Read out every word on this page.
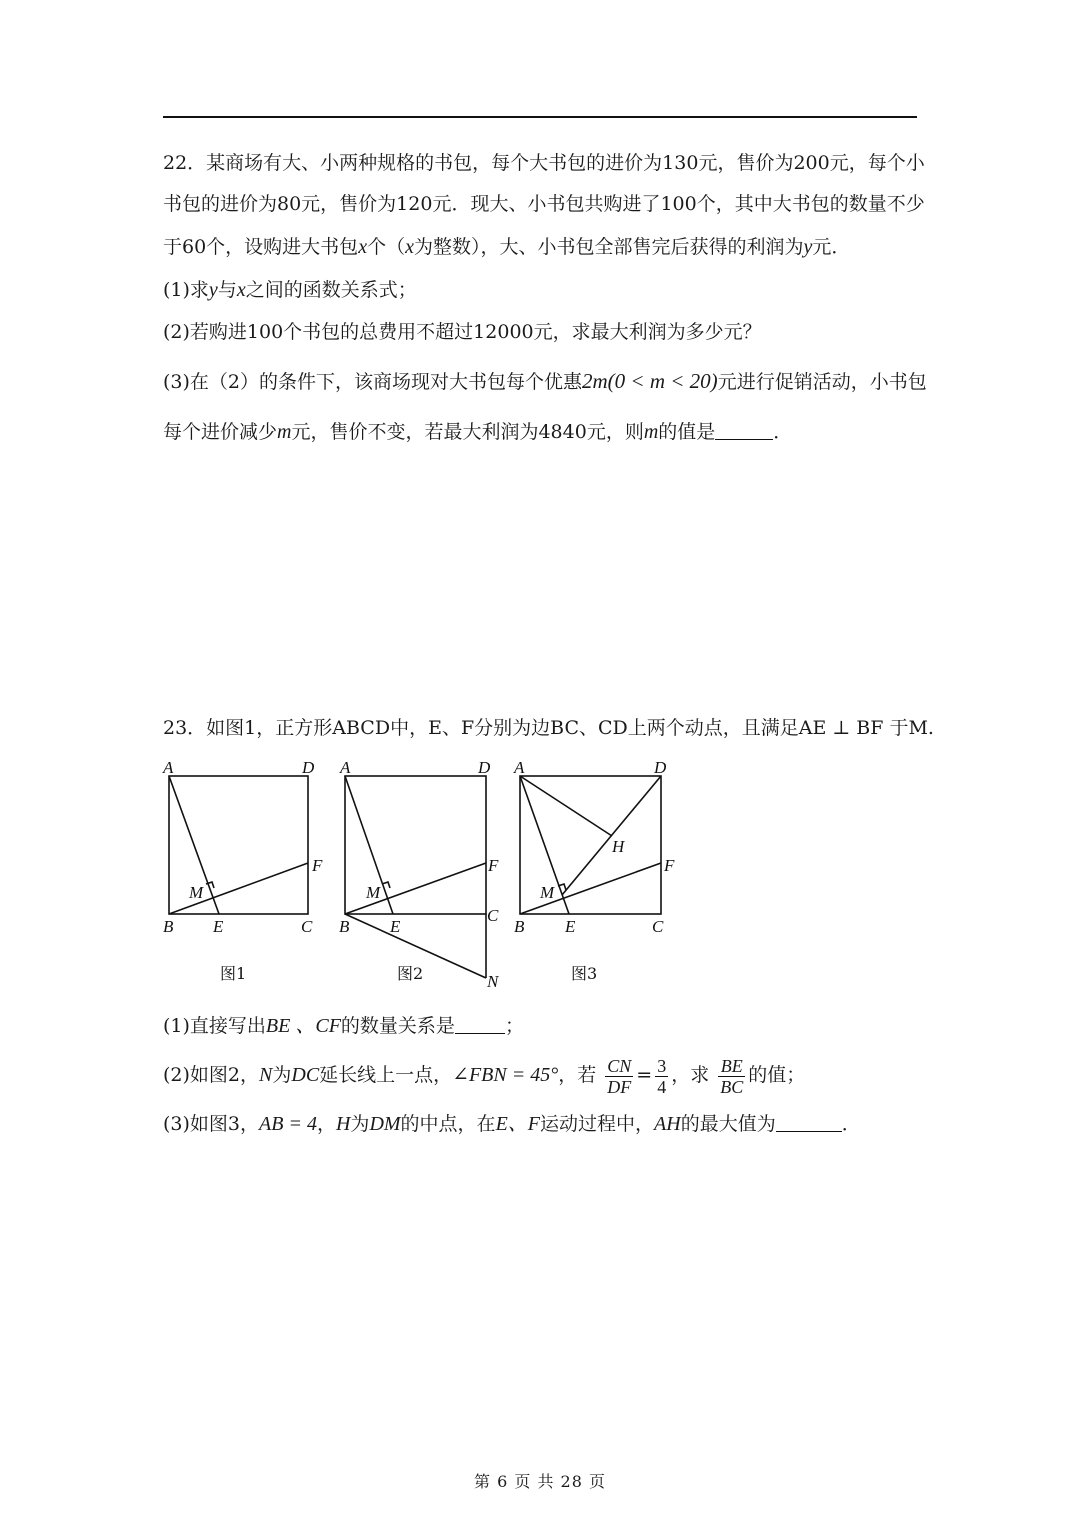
22．某商场有大、小两种规格的书包，每个大书包的进价为130元，售价为200元，每个小
书包的进价为80元，售价为120元．现大、小书包共购进了100个，其中大书包的数量不少
于60个，设购进大书包x个（x为整数），大、小书包全部售完后获得的利润为y元．
(1)求y与x之间的函数关系式；
(2)若购进100个书包的总费用不超过12000元，求最大利润为多少元？
(3)在（2）的条件下，该商场现对大书包每个优惠2m(0 < m < 20)元进行促销活动，小书包
每个进价减少m元，售价不变，若最大利润为4840元，则m的值是	．
23．如图1，正方形ABCD中，E、F分别为边BC、CD上两个动点，且满足AE ⊥ BF 于M.
A	D
B	C
E
F
M
图1
A	D
B
C
E
F
M
N
图2
A	D
B	C
E
F
M
H
图3
(1)直接写出BE 、CF的数量关系是	；
(2)如图2，N为DC延长线上一点，∠FBN = 45°，若 $\frac{CN}{DF} = \frac{3}{4}$ ，求 $\frac{BE}{BC}$ 的值；
(3)如图3，AB = 4，H为DM的中点，在E、F运动过程中，AH的最大值为	．
第 6 页 共 28 页
